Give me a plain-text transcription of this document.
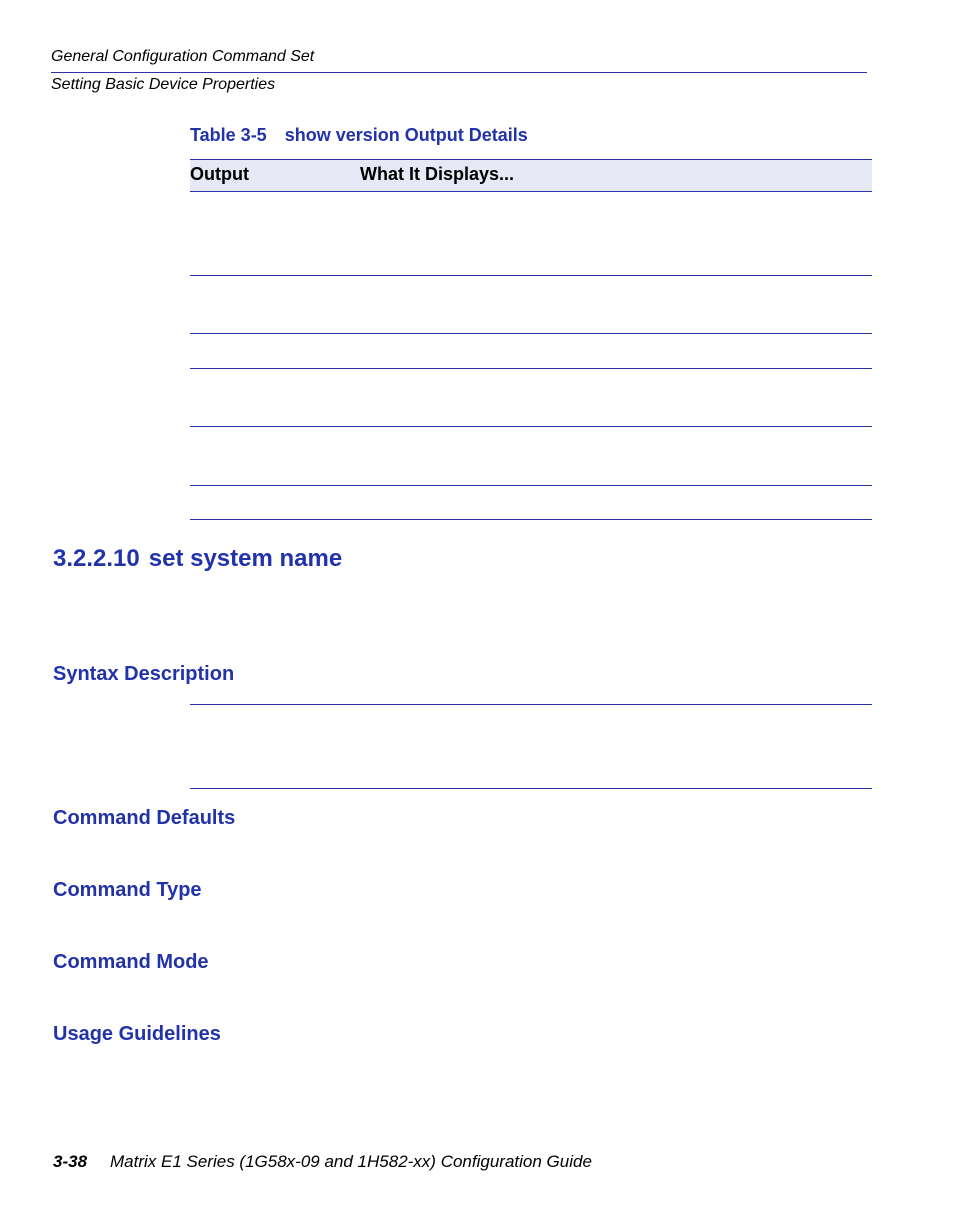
General Configuration Command Set
Setting Basic Device Properties
Table 3-5 show version Output Details
Output	What It Displays...
3.2.2.10 set system name
Syntax Description
Command Defaults
Command Type
Command Mode
Usage Guidelines
3-38 Matrix E1 Series (1G58x-09 and 1H582-xx) Configuration Guide
